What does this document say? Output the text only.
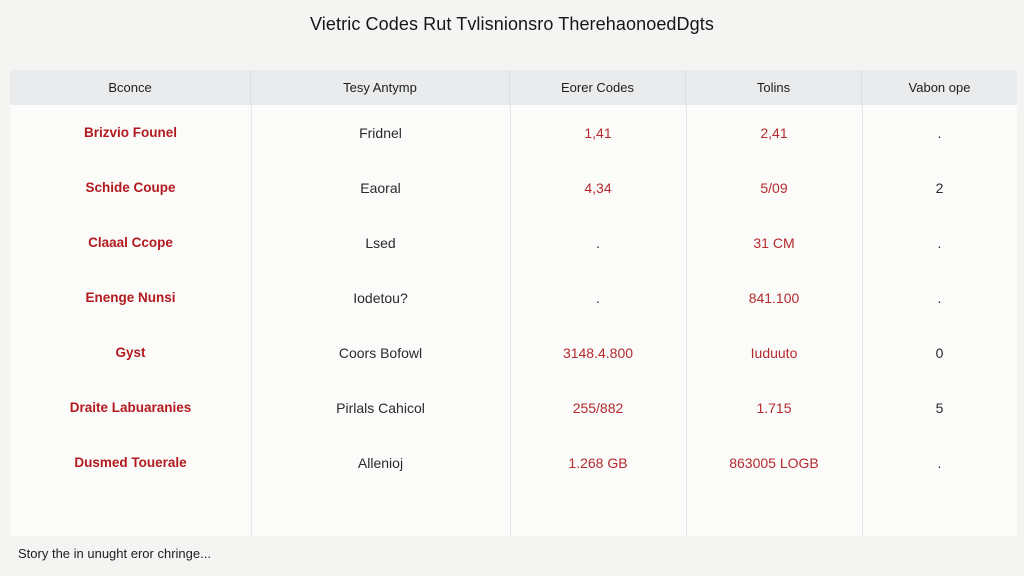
Vietric Codes Rut Tvlisnionsro TherehaonoedDgts
Bconce	Tesy Antymp	Eorer Codes	Tolins	Vabon ope
Brizvio Founel	Fridnel	1,41	2,41	.
Schide Coupe	Eaoral	4,34	5/09	2
Claaal Ccope	Lsed	.	31 CM	.
Enenge Nunsi	Iodetou?	.	841.100	.
Gyst	Coors Bofowl	3148.4.800	Iuduuto	0
Draite Labuaranies	Pirlals Cahicol	255/882	1.715	5
Dusmed Touerale	Allenioj	1.268 GB	863005 LOGB	.
Story the in unught eror chringe...
